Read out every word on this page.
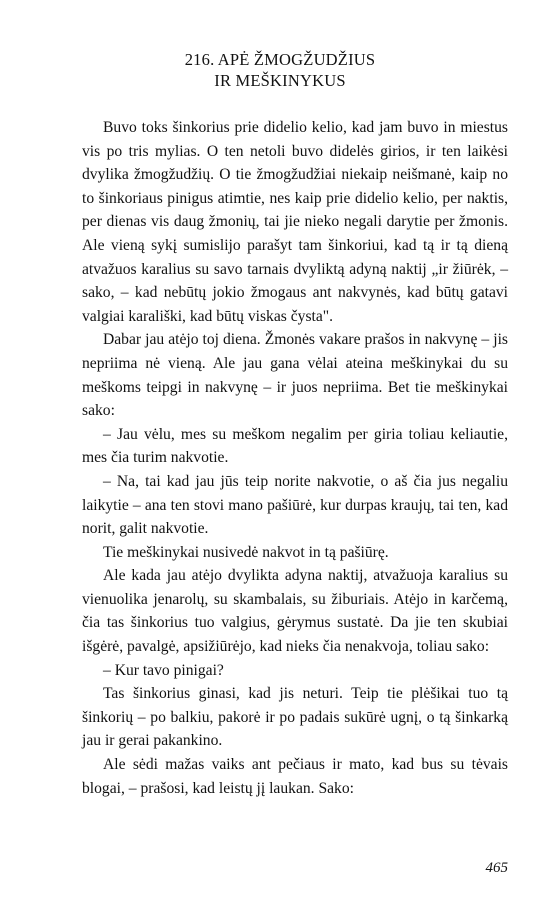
216. APĖ ŽMOGŽUDŽIUS
IR MEŠKINYKUS

Buvo toks šinkorius prie didelio kelio, kad jam buvo in miestus vis po tris mylias. O ten netoli buvo didelės girios, ir ten laikėsi dvylika žmogžudžių. O tie žmogžudžiai niekaip neišmanė, kaip no to šinkoriaus pinigus atimtie, nes kaip prie didelio kelio, per naktis, per dienas vis daug žmonių, tai jie nieko negali darytie per žmonis. Ale vieną sykį sumislijo parašyt tam šinkoriui, kad tą ir tą dieną atvažuos karalius su savo tarnais dvyliktą adyną naktij „ir žiūrėk, – sako, – kad nebūtų jokio žmogaus ant nakvynės, kad būtų gatavi valgiai karališki, kad būtų viskas čysta".

Dabar jau atėjo toj diena. Žmonės vakare prašos in nakvynę – jis nepriima nė vieną. Ale jau gana vėlai ateina meškinykai du su meškoms teipgi in nakvynę – ir juos nepriima. Bet tie meškinykai sako:

– Jau vėlu, mes su meškom negalim per giria toliau keliautie, mes čia turim nakvotie.

– Na, tai kad jau jūs teip norite nakvotie, o aš čia jus negaliu laikytie – ana ten stovi mano pašiūrė, kur durpas kraujų, tai ten, kad norit, galit nakvotie.

Tie meškinykai nusivedė nakvot in tą pašiūrę.

Ale kada jau atėjo dvylikta adyna naktij, atvažuoja karalius su vienuolika jenarolų, su skambalais, su žiburiais. Atėjo in karčemą, čia tas šinkorius tuo valgius, gėrymus sustatė. Da jie ten skubiai išgėrė, pavalgė, apsižiūrėjo, kad nieks čia nenakvoja, toliau sako:

– Kur tavo pinigai?

Tas šinkorius ginasi, kad jis neturi. Teip tie plėšikai tuo tą šinkorių – po balkiu, pakorė ir po padais sukūrė ugnį, o tą šinkarką jau ir gerai pakankino.

Ale sėdi mažas vaiks ant pečiaus ir mato, kad bus su tėvais blogai, – prašosi, kad leistų jį laukan. Sako:

465
